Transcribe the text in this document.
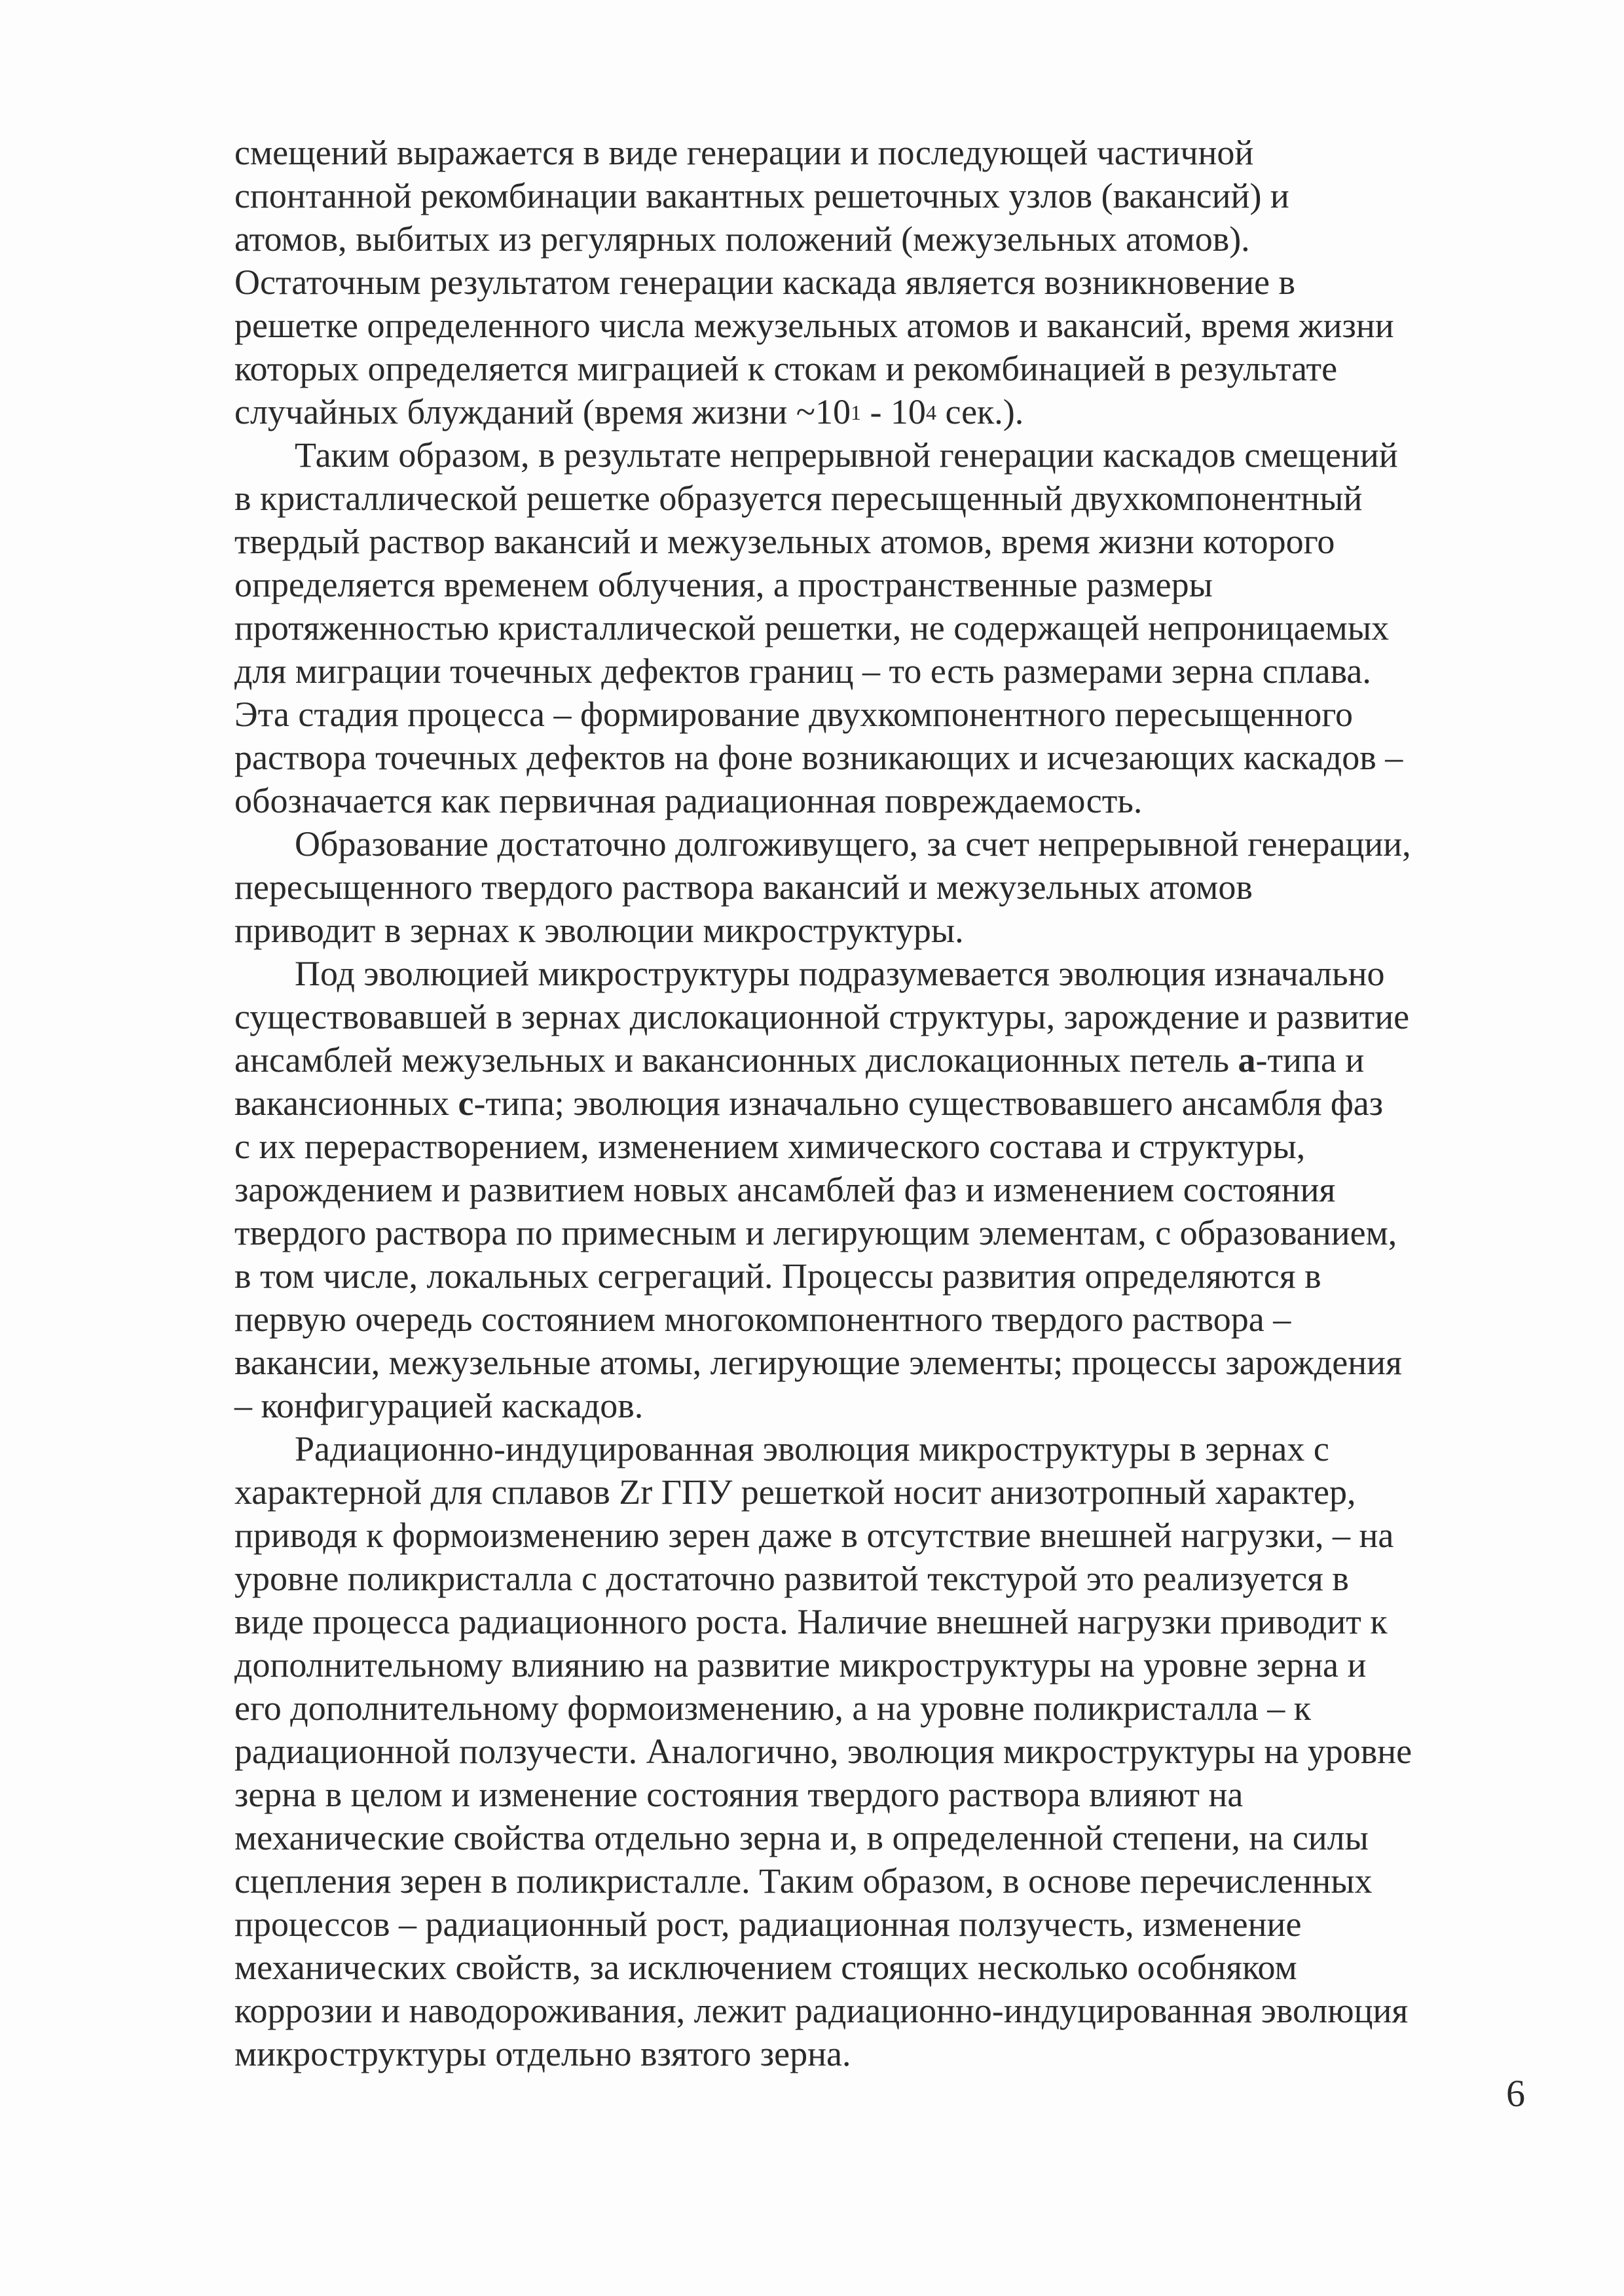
смещений выражается в виде генерации и последующей частичной
спонтанной рекомбинации вакантных решеточных узлов (вакансий) и
атомов, выбитых из регулярных положений (межузельных атомов).
Остаточным результатом генерации каскада является возникновение в
решетке определенного числа межузельных атомов и вакансий, время жизни
которых определяется миграцией к стокам и рекомбинацией в результате
случайных блужданий (время жизни $\sim 10^1 - 10^4$ сек.).
Таким образом, в результате непрерывной генерации каскадов смещений
в кристаллической решетке образуется пересыщенный двухкомпонентный
твердый раствор вакансий и межузельных атомов, время жизни которого
определяется временем облучения, а пространственные размеры
протяженностью кристаллической решетки, не содержащей непроницаемых
для миграции точечных дефектов границ – то есть размерами зерна сплава.
Эта стадия процесса – формирование двухкомпонентного пересыщенного
раствора точечных дефектов на фоне возникающих и исчезающих каскадов –
обозначается как первичная радиационная повреждаемость.
Образование достаточно долгоживущего, за счет непрерывной генерации,
пересыщенного твердого раствора вакансий и межузельных атомов
приводит в зернах к эволюции микроструктуры.
Под эволюцией микроструктуры подразумевается эволюция изначально
существовавшей в зернах дислокационной структуры, зарождение и развитие
ансамблей межузельных и вакансионных дислокационных петель а-типа и
вакансионных с-типа; эволюция изначально существовавшего ансамбля фаз
с их перерастворением, изменением химического состава и структуры,
зарождением и развитием новых ансамблей фаз и изменением состояния
твердого раствора по примесным и легирующим элементам, с образованием,
в том числе, локальных сегрегаций. Процессы развития определяются в
первую очередь состоянием многокомпонентного твердого раствора –
вакансии, межузельные атомы, легирующие элементы; процессы зарождения
– конфигурацией каскадов.
Радиационно-индуцированная эволюция микроструктуры в зернах с
характерной для сплавов Zr ГПУ решеткой носит анизотропный характер,
приводя к формоизменению зерен даже в отсутствие внешней нагрузки, – на
уровне поликристалла с достаточно развитой текстурой это реализуется в
виде процесса радиационного роста. Наличие внешней нагрузки приводит к
дополнительному влиянию на развитие микроструктуры на уровне зерна и
его дополнительному формоизменению, а на уровне поликристалла – к
радиационной ползучести. Аналогично, эволюция микроструктуры на уровне
зерна в целом и изменение состояния твердого раствора влияют на
механические свойства отдельно зерна и, в определенной степени, на силы
сцепления зерен в поликристалле. Таким образом, в основе перечисленных
процессов – радиационный рост, радиационная ползучесть, изменение
механических свойств, за исключением стоящих несколько особняком
коррозии и наводороживания, лежит радиационно-индуцированная эволюция
микроструктуры отдельно взятого зерна.
6
